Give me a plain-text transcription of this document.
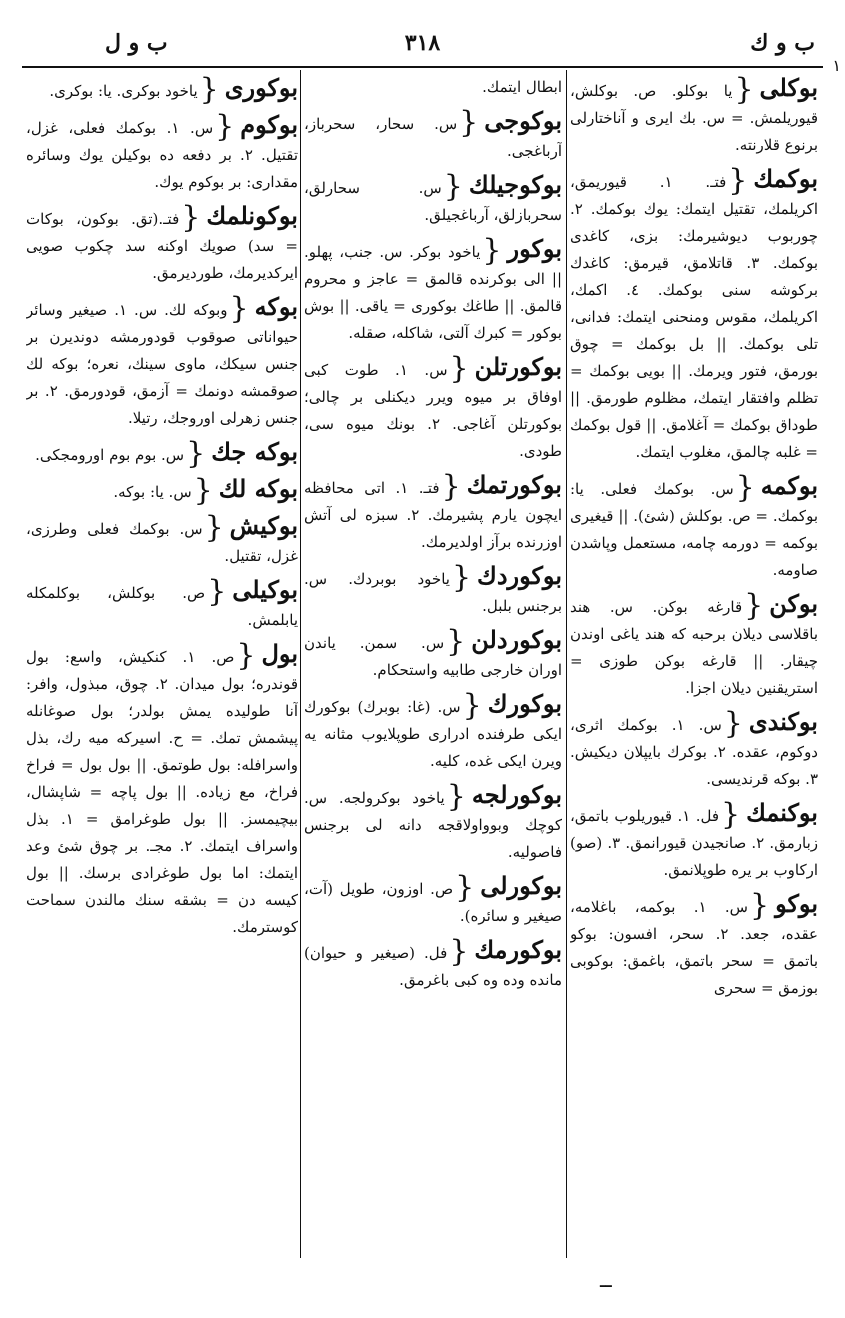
ب و ك
٣١٨
ب و ل
١
بوكلى{يا بوكلو. ص. بوكلش، قيوريلمش. = س. بك ايرى و آناختارلى برنوع قلارنته.
بوكمك{فتـ. ١. قيوريمق، اكريلمك، تقتيل ايتمك: يوك بوكمك. ٢. چوربوب ديوشيرمك: بزى، كاغدى بوكمك. ٣. قاتلامق، قيرمق: كاغدك بركوشه سنى بوكمك. ٤. اكمك، اكريلمك، مقوس ومنحنى ايتمك: فدانى، تلى بوكمك. || بل بوكمك = چوق بورمق، فتور ويرمك. || بويى بوكمك = تظلم وافتقار ايتمك، مظلوم طورمق. || طوداق بوكمك = آغلامق. || قول بوكمك = غلبه چالمق، مغلوب ايتمك.
بوكمه{س. بوكمك فعلى. يا: بوكمك. = ص. بوكلش (شئ). || قيغيرى بوكمه = دورمه چامه، مستعمل وپاشدن صاومه.
بوكن{قارغه بوكن. س. هند باقلاسى ديلان برحبه كه هند ياغى اوندن چيقار. || قارغه بوكن طوزى = استريقنين ديلان اجزا.
بوكندى{س. ١. بوكمك اثرى، دوكوم، عقده. ٢. بوكرك بايپلان ديكيش. ٣. بوكه قرنديسى.
بوكنمك{فل. ١. قيوريلوب باتمق، زبارمق. ٢. صانجيدن قيورانمق. ٣. (صو) اركاوب بر يره طوپلانمق.
بوكو{س. ١. بوكمه، باغلامه، عقده، جعد. ٢. سحر، افسون: بوكو باتمق = سحر باتمق، باغمق: بوكوبى بوزمق = سحرى
ابطال ايتمك.
بوكوجى{س. سحار، سحرباز، آرباغجى.
بوكوجيلك{س. سحارلق، سحربازلق، آرباغجيلق.
بوكور{ياخود بوكر. س. جنب، پهلو. || الى بوكرنده قالمق = عاجز و محروم قالمق. || طاغك بوكورى = ياقى. || بوش بوكور = كبرك آلتى، شاكله، صقله.
بوكورتلن{س. ١. طوت كبى اوفاق بر ميوه ويرر ديكنلى بر چالى؛ بوكورتلن آغاجى. ٢. بونك ميوه سى، طودى.
بوكورتمك{فتـ. ١. اتى محافظه ايچون يارم پشيرمك. ٢. سبزه لى آتش اوزرنده برآز اولديرمك.
بوكوردك{ياخود بوبردك. س. برجنس بلبل.
بوكوردلن{س. سمن. ياندن اوران خارجى طابيه واستحكام.
بوكورك{س. (غا: بوبرك) بوكورك ايكى طرفنده ادرارى طوپلايوب مثانه يه ويرن ايكى غده، كليه.
بوكورلجه{ياخود بوكرولجه. س. كوچك وبوواولاقجه دانه لى برجنس فاصوليه.
بوكورلى{ص. اوزون، طويل (آت، صيغير و سائره).
بوكورمك{فل. (صيغير و حيوان) مانده وده وه كبى باغرمق.
بوكورى{ياخود بوكرى. يا: بوكرى.
بوكوم{س. ١. بوكمك فعلى، غزل، تقتيل. ٢. بر دفعه ده بوكيلن يوك وسائره مقدارى: بر بوكوم يوك.
بوكونلمك{فتـ.(تق. بوكون، بوكات = سد) صويك اوكنه سد چكوب صويى ايركديرمك، طورديرمق.
بوكه{وبوكه لك. س. ١. صيغير وسائر حيواناتى صوقوب قودورمشه دونديرن بر جنس سيكك، ماوى سينك، نعره؛ بوكه لك صوقمشه دونمك = آزمق، قودورمق. ٢. بر جنس زهرلى اوروجك، رتيلا.
بوكه جك{س. بوم بوم اورومجكى.
بوكه لك{س. يا: بوكه.
بوكيش{س. بوكمك فعلى وطرزى، غزل، تقتيل.
بوكيلى{ص. بوكلش، بوكلمكله يابلمش.
بول{ص. ١. كنكيش، واسع: بول قوندره؛ بول ميدان. ٢. چوق، مبذول، وافر: آنا طوليده يمش بولدر؛ بول صوغانله پيشمش تمك. = ح. اسيركه ميه رك، بذل واسرافله: بول طوتمق. || بول بول = فراخ فراخ، مع زياده. || بول پاچه = شاپشال، بيچيمسز. || بول طوغرامق = ١. بذل واسراف ايتمك. ٢. مجـ. بر چوق شئ وعد ايتمك: اما بول طوغرادى برسك. || بول كيسه دن = بشقه سنك مالندن سماحت كوسترمك.
ــ
